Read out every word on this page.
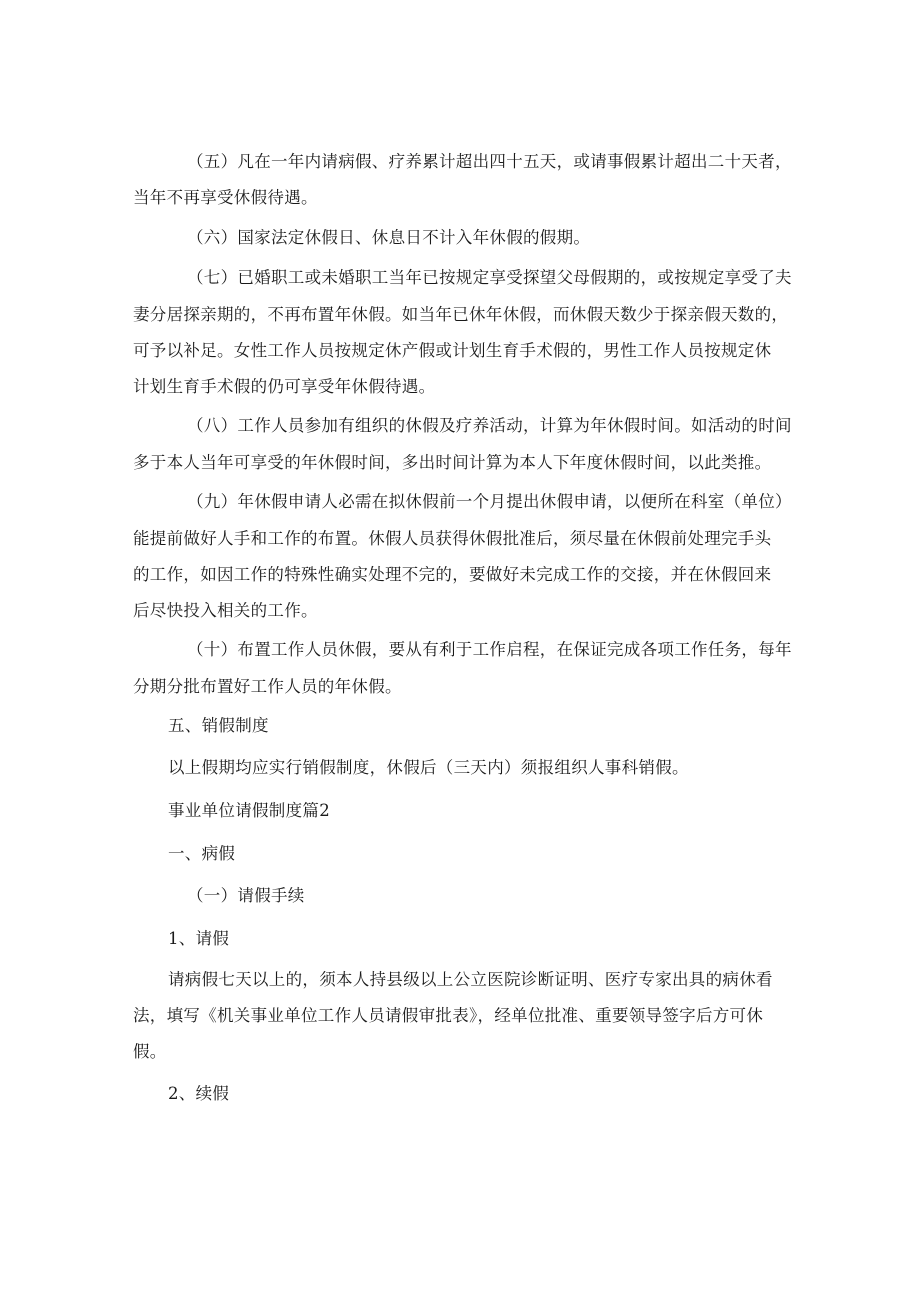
（五）凡在一年内请病假、疗养累计超出四十五天，或请事假累计超出二十天者，
当年不再享受休假待遇。
（六）国家法定休假日、休息日不计入年休假的假期。
（七）已婚职工或未婚职工当年已按规定享受探望父母假期的，或按规定享受了夫
妻分居探亲期的，不再布置年休假。如当年已休年休假，而休假天数少于探亲假天数的，
可予以补足。女性工作人员按规定休产假或计划生育手术假的，男性工作人员按规定休
计划生育手术假的仍可享受年休假待遇。
（八）工作人员参加有组织的休假及疗养活动，计算为年休假时间。如活动的时间
多于本人当年可享受的年休假时间，多出时间计算为本人下年度休假时间，以此类推。
（九）年休假申请人必需在拟休假前一个月提出休假申请，以便所在科室（单位）
能提前做好人手和工作的布置。休假人员获得休假批准后，须尽量在休假前处理完手头
的工作，如因工作的特殊性确实处理不完的，要做好未完成工作的交接，并在休假回来
后尽快投入相关的工作。
（十）布置工作人员休假，要从有利于工作启程，在保证完成各项工作任务，每年
分期分批布置好工作人员的年休假。
五、销假制度
以上假期均应实行销假制度，休假后（三天内）须报组织人事科销假。
事业单位请假制度篇2
一、病假
（一）请假手续
1、请假
请病假七天以上的，须本人持县级以上公立医院诊断证明、医疗专家出具的病休看
法，填写《机关事业单位工作人员请假审批表》，经单位批准、重要领导签字后方可休
假。
2、续假
